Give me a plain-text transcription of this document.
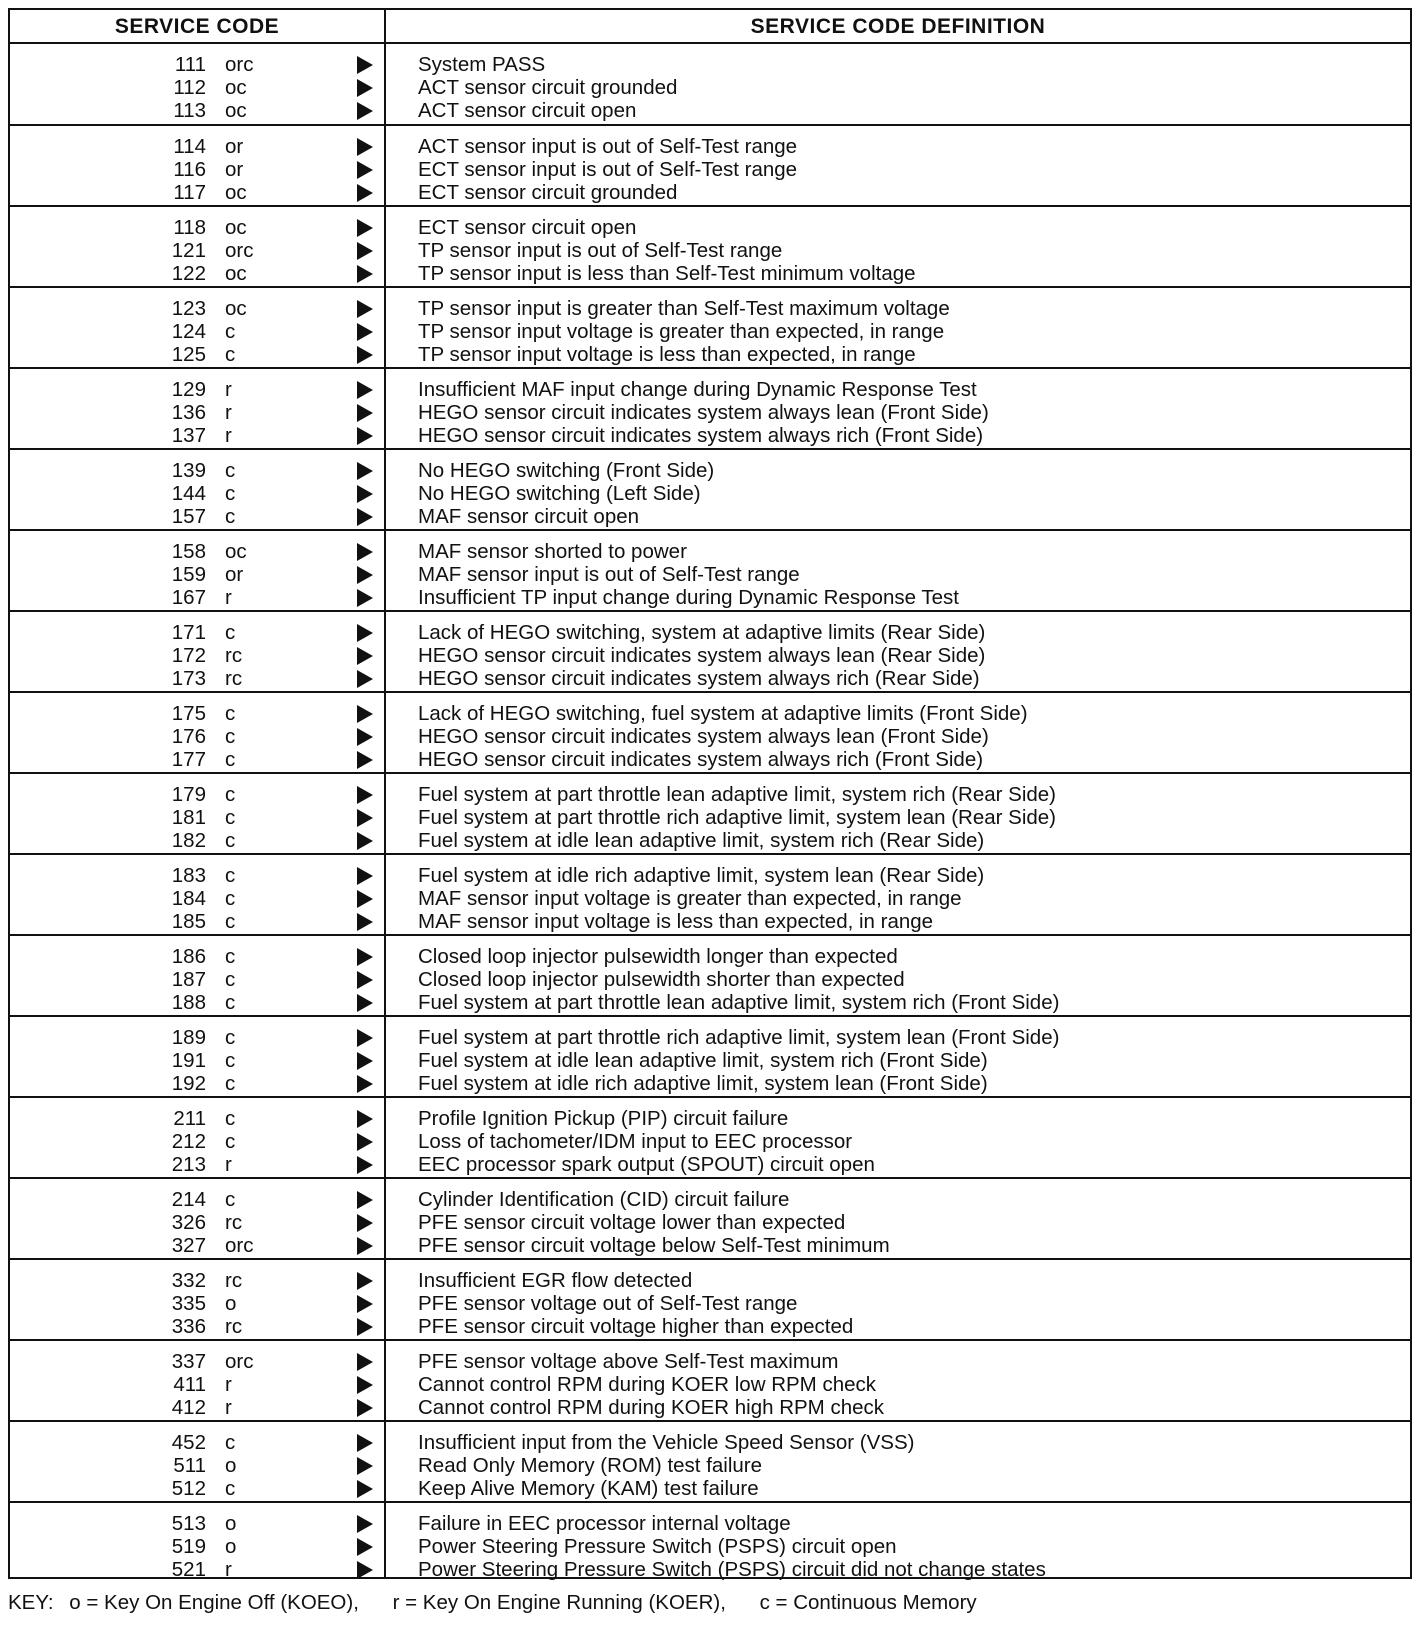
SERVICE CODE	SERVICE CODE DEFINITION
111 orc	System PASS
112 oc	ACT sensor circuit grounded
113 oc	ACT sensor circuit open
114 or	ACT sensor input is out of Self-Test range
116 or	ECT sensor input is out of Self-Test range
117 oc	ECT sensor circuit grounded
118 oc	ECT sensor circuit open
121 orc	TP sensor input is out of Self-Test range
122 oc	TP sensor input is less than Self-Test minimum voltage
123 oc	TP sensor input is greater than Self-Test maximum voltage
124 c	TP sensor input voltage is greater than expected, in range
125 c	TP sensor input voltage is less than expected, in range
129 r	Insufficient MAF input change during Dynamic Response Test
136 r	HEGO sensor circuit indicates system always lean (Front Side)
137 r	HEGO sensor circuit indicates system always rich (Front Side)
139 c	No HEGO switching (Front Side)
144 c	No HEGO switching (Left Side)
157 c	MAF sensor circuit open
158 oc	MAF sensor shorted to power
159 or	MAF sensor input is out of Self-Test range
167 r	Insufficient TP input change during Dynamic Response Test
171 c	Lack of HEGO switching, system at adaptive limits (Rear Side)
172 rc	HEGO sensor circuit indicates system always lean (Rear Side)
173 rc	HEGO sensor circuit indicates system always rich (Rear Side)
175 c	Lack of HEGO switching, fuel system at adaptive limits (Front Side)
176 c	HEGO sensor circuit indicates system always lean (Front Side)
177 c	HEGO sensor circuit indicates system always rich (Front Side)
179 c	Fuel system at part throttle lean adaptive limit, system rich (Rear Side)
181 c	Fuel system at part throttle rich adaptive limit, system lean (Rear Side)
182 c	Fuel system at idle lean adaptive limit, system rich (Rear Side)
183 c	Fuel system at idle rich adaptive limit, system lean (Rear Side)
184 c	MAF sensor input voltage is greater than expected, in range
185 c	MAF sensor input voltage is less than expected, in range
186 c	Closed loop injector pulsewidth longer than expected
187 c	Closed loop injector pulsewidth shorter than expected
188 c	Fuel system at part throttle lean adaptive limit, system rich (Front Side)
189 c	Fuel system at part throttle rich adaptive limit, system lean (Front Side)
191 c	Fuel system at idle lean adaptive limit, system rich (Front Side)
192 c	Fuel system at idle rich adaptive limit, system lean (Front Side)
211 c	Profile Ignition Pickup (PIP) circuit failure
212 c	Loss of tachometer/IDM input to EEC processor
213 r	EEC processor spark output (SPOUT) circuit open
214 c	Cylinder Identification (CID) circuit failure
326 rc	PFE sensor circuit voltage lower than expected
327 orc	PFE sensor circuit voltage below Self-Test minimum
332 rc	Insufficient EGR flow detected
335 o	PFE sensor voltage out of Self-Test range
336 rc	PFE sensor circuit voltage higher than expected
337 orc	PFE sensor voltage above Self-Test maximum
411 r	Cannot control RPM during KOER low RPM check
412 r	Cannot control RPM during KOER high RPM check
452 c	Insufficient input from the Vehicle Speed Sensor (VSS)
511 o	Read Only Memory (ROM) test failure
512 c	Keep Alive Memory (KAM) test failure
513 o	Failure in EEC processor internal voltage
519 o	Power Steering Pressure Switch (PSPS) circuit open
521 r	Power Steering Pressure Switch (PSPS) circuit did not change states
KEY: o = Key On Engine Off (KOEO), r = Key On Engine Running (KOER), c = Continuous Memory
